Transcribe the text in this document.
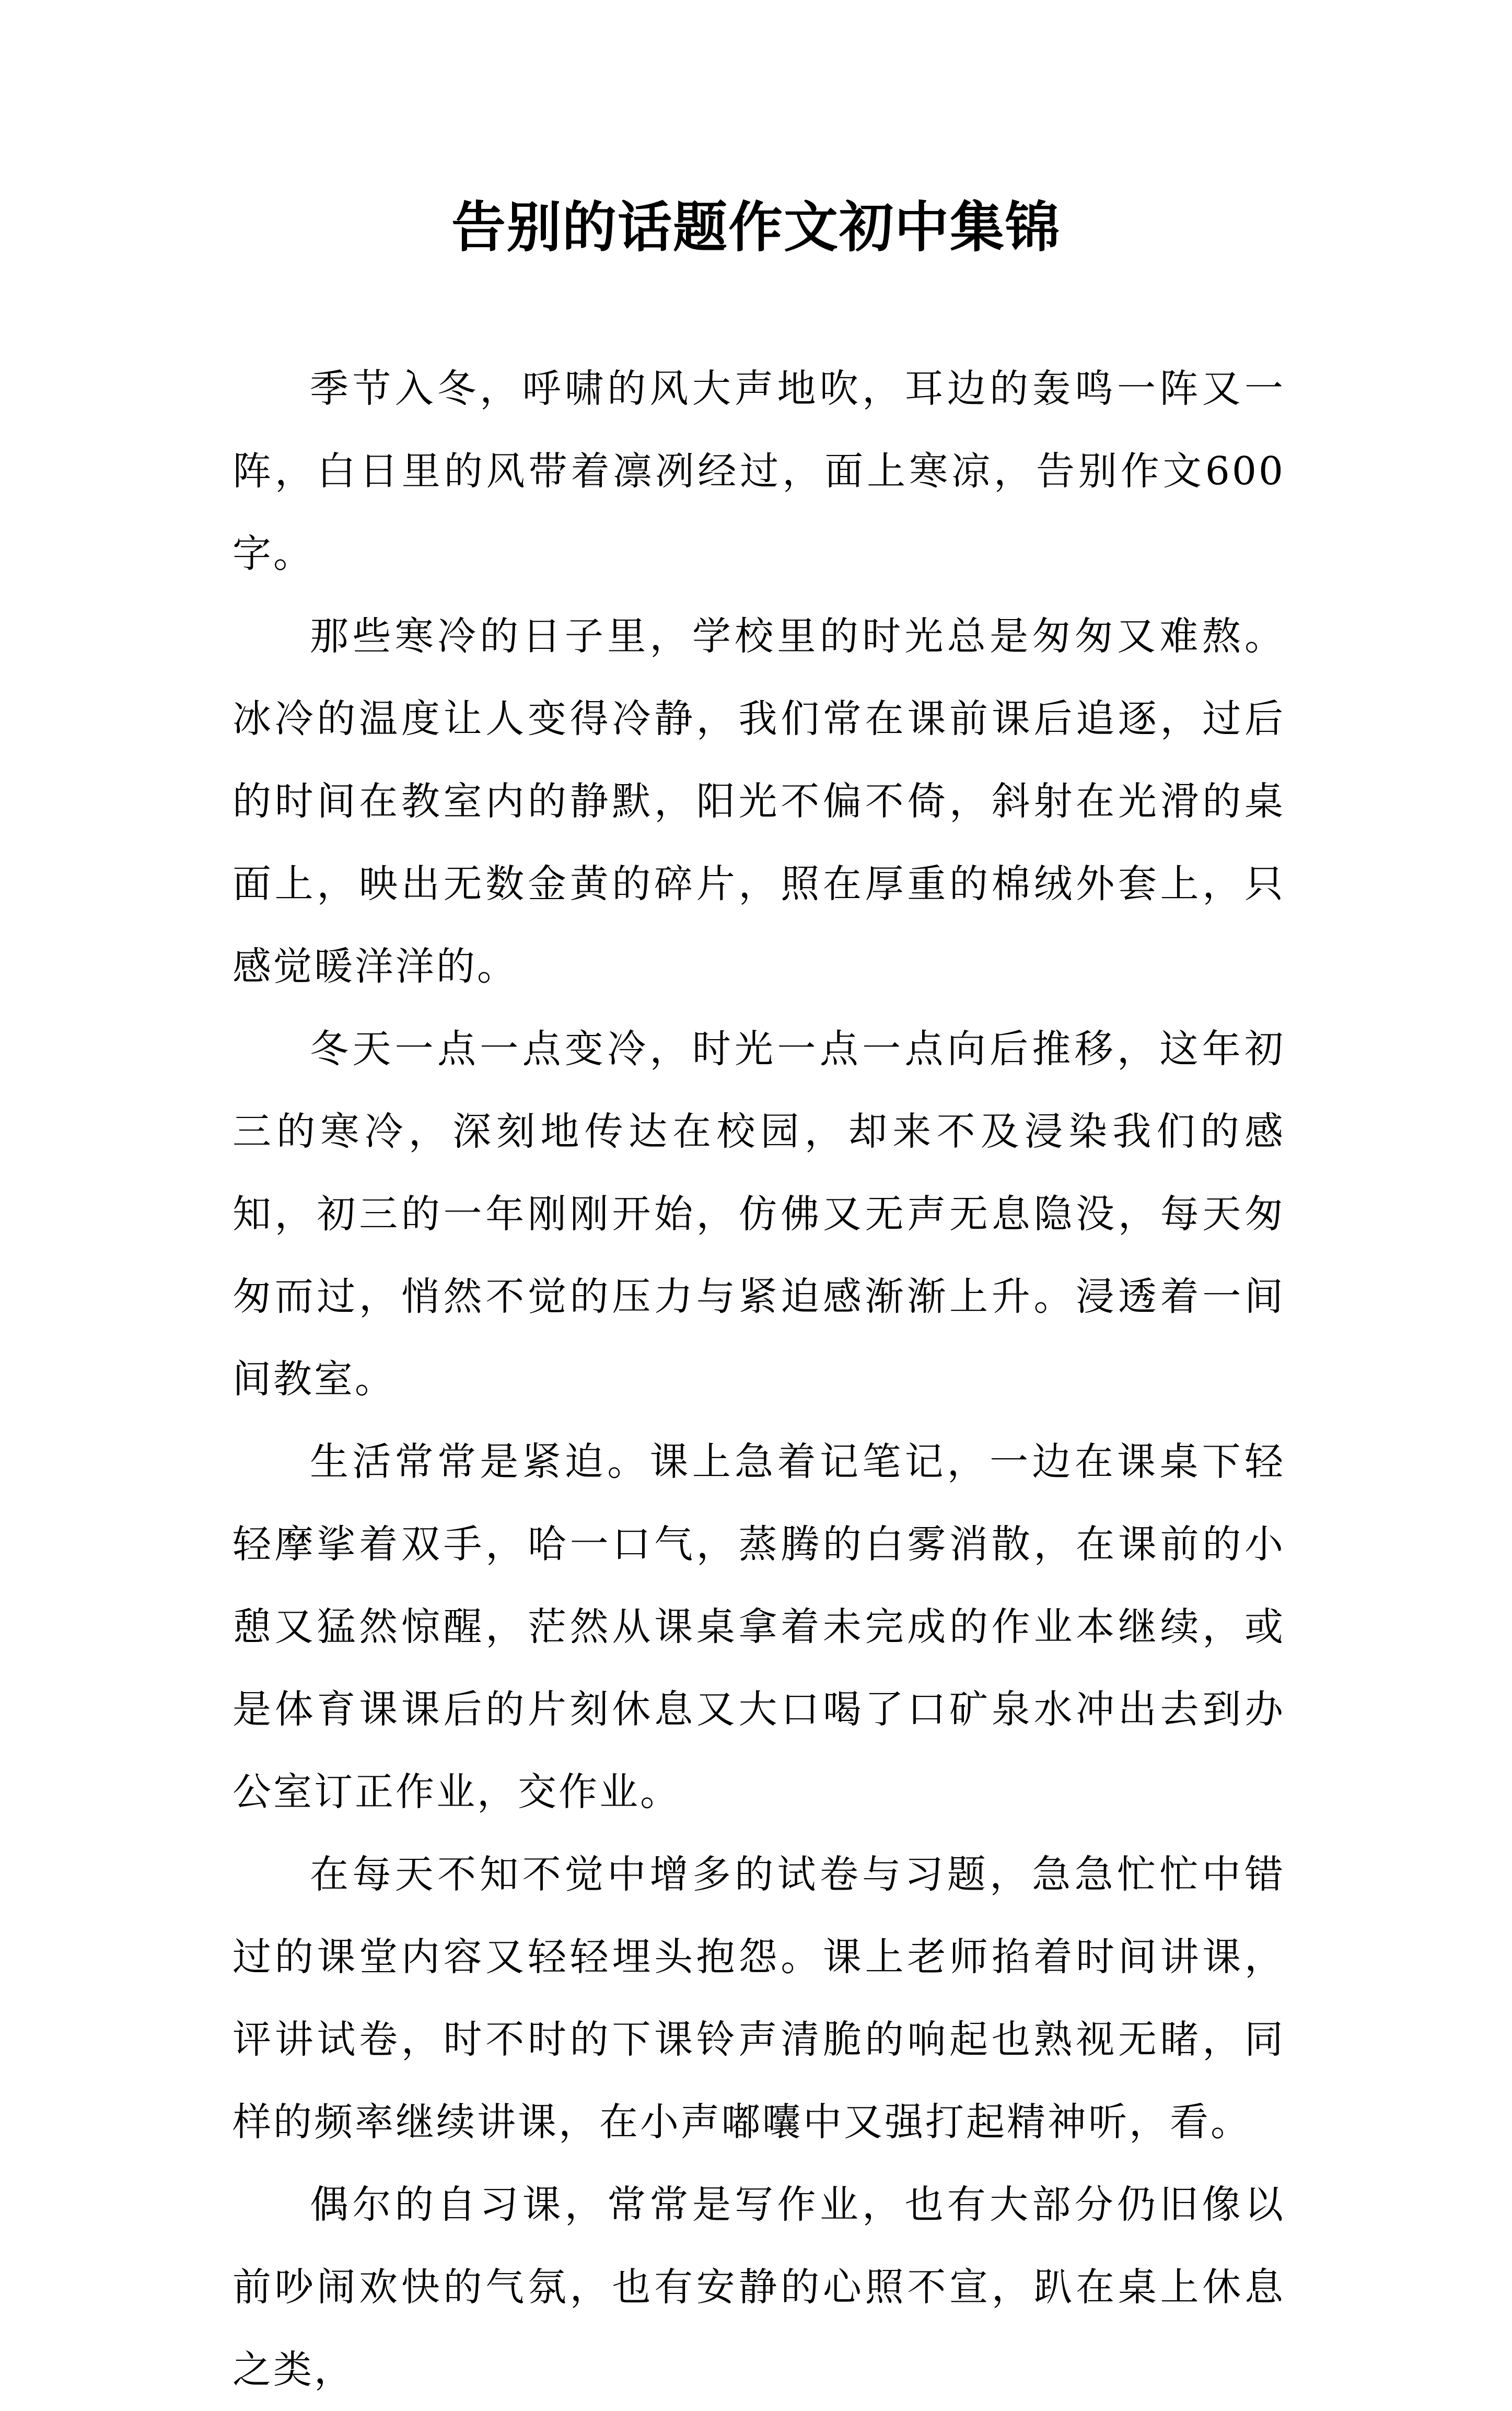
告别的话题作文初中集锦

季节入冬，呼啸的风大声地吹，耳边的轰鸣一阵又一阵，白日里的风带着凛冽经过，面上寒凉，告别作文600字。

那些寒冷的日子里，学校里的时光总是匆匆又难熬。冰冷的温度让人变得冷静，我们常在课前课后追逐，过后的时间在教室内的静默，阳光不偏不倚，斜射在光滑的桌面上，映出无数金黄的碎片，照在厚重的棉绒外套上，只感觉暖洋洋的。

冬天一点一点变冷，时光一点一点向后推移，这年初三的寒冷，深刻地传达在校园，却来不及浸染我们的感知，初三的一年刚刚开始，仿佛又无声无息隐没，每天匆匆而过，悄然不觉的压力与紧迫感渐渐上升。浸透着一间间教室。

生活常常是紧迫。课上急着记笔记，一边在课桌下轻轻摩挲着双手，哈一口气，蒸腾的白雾消散，在课前的小憩又猛然惊醒，茫然从课桌拿着未完成的作业本继续，或是体育课课后的片刻休息又大口喝了口矿泉水冲出去到办公室订正作业，交作业。

在每天不知不觉中增多的试卷与习题，急急忙忙中错过的课堂内容又轻轻埋头抱怨。课上老师掐着时间讲课，评讲试卷，时不时的下课铃声清脆的响起也熟视无睹，同样的频率继续讲课，在小声嘟囔中又强打起精神听，看。

偶尔的自习课，常常是写作业，也有大部分仍旧像以前吵闹欢快的气氛，也有安静的心照不宣，趴在桌上休息之类，
